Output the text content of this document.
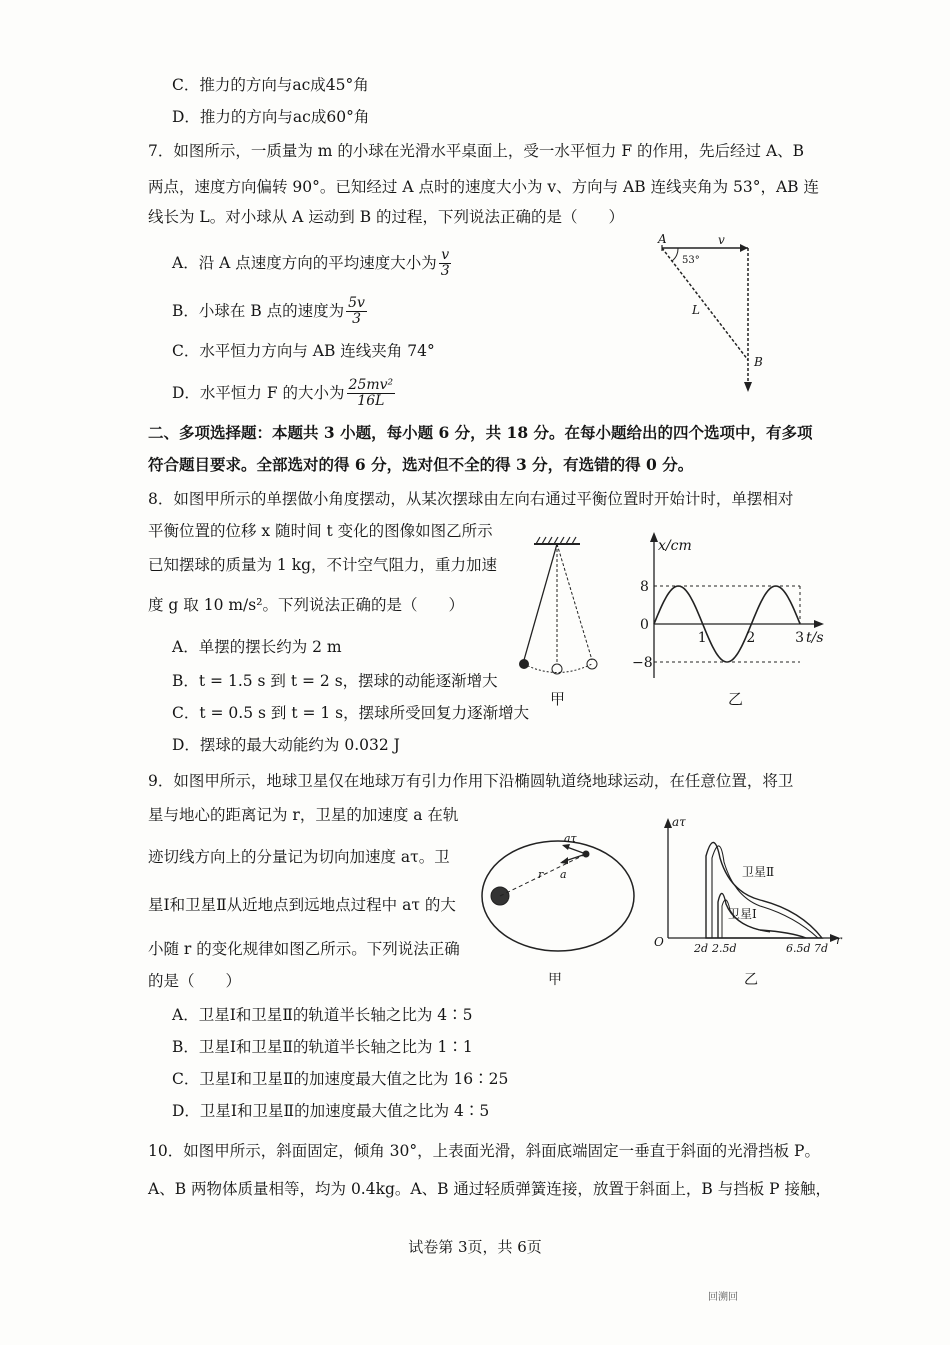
C．推力的方向与ac成45°角
D．推力的方向与ac成60°角
7．如图所示，一质量为 m 的小球在光滑水平桌面上，受一水平恒力 F 的作用，先后经过 A、B
两点，速度方向偏转 90°。已知经过 A 点时的速度大小为 v、方向与 AB 连线夹角为 53°，AB 连
线长为 L。对小球从 A 运动到 B 的过程，下列说法正确的是（　　）
A．沿 A 点速度方向的平均速度大小为 $\frac{v}{3}$
B．小球在 B 点的速度为 $\frac{5v}{3}$
C．水平恒力方向与 AB 连线夹角 74°
D．水平恒力 F 的大小为 $\frac{\text{25mv²}}{16L}$
A	v
53°
L
B
二、多项选择题：本题共 3 小题，每小题 6 分，共 18 分。在每小题给出的四个选项中，有多项
符合题目要求。全部选对的得 6 分，选对但不全的得 3 分，有选错的得 0 分。
8．如图甲所示的单摆做小角度摆动，从某次摆球由左向右通过平衡位置时开始计时，单摆相对
平衡位置的位移 x 随时间 t 变化的图像如图乙所示
已知摆球的质量为 1 kg，不计空气阻力，重力加速
度 g 取 10 m/s²。下列说法正确的是（　　）
A．单摆的摆长约为 2 m
B．t = 1.5 s 到 t = 2 s，摆球的动能逐渐增大
C．t = 0.5 s 到 t = 1 s，摆球所受回复力逐渐增大
D．摆球的最大动能约为 0.032 J
甲
x/cm
t/s
0
8
−8
1	2	3
乙
9．如图甲所示，地球卫星仅在地球万有引力作用下沿椭圆轨道绕地球运动，在任意位置，将卫
星与地心的距离记为 r，卫星的加速度 a 在轨
迹切线方向上的分量记为切向加速度 aτ。卫
星Ⅰ和卫星Ⅱ从近地点到远地点过程中 aτ 的大
小随 r 的变化规律如图乙所示。下列说法正确
的是（　　）
A．卫星Ⅰ和卫星Ⅱ的轨道半长轴之比为 4∶5
B．卫星Ⅰ和卫星Ⅱ的轨道半长轴之比为 1∶1
C．卫星Ⅰ和卫星Ⅱ的加速度最大值之比为 16∶25
D．卫星Ⅰ和卫星Ⅱ的加速度最大值之比为 4∶5
aτ
r a
甲
aτ
r
O
卫星Ⅱ
卫星Ⅰ
2d 2.5d	6.5d 7d
乙
10．如图甲所示，斜面固定，倾角 30°，上表面光滑，斜面底端固定一垂直于斜面的光滑挡板 P。
A、B 两物体质量相等，均为 0.4kg。A、B 通过轻质弹簧连接，放置于斜面上，B 与挡板 P 接触，
试卷第 3页，共 6页
回溯回
